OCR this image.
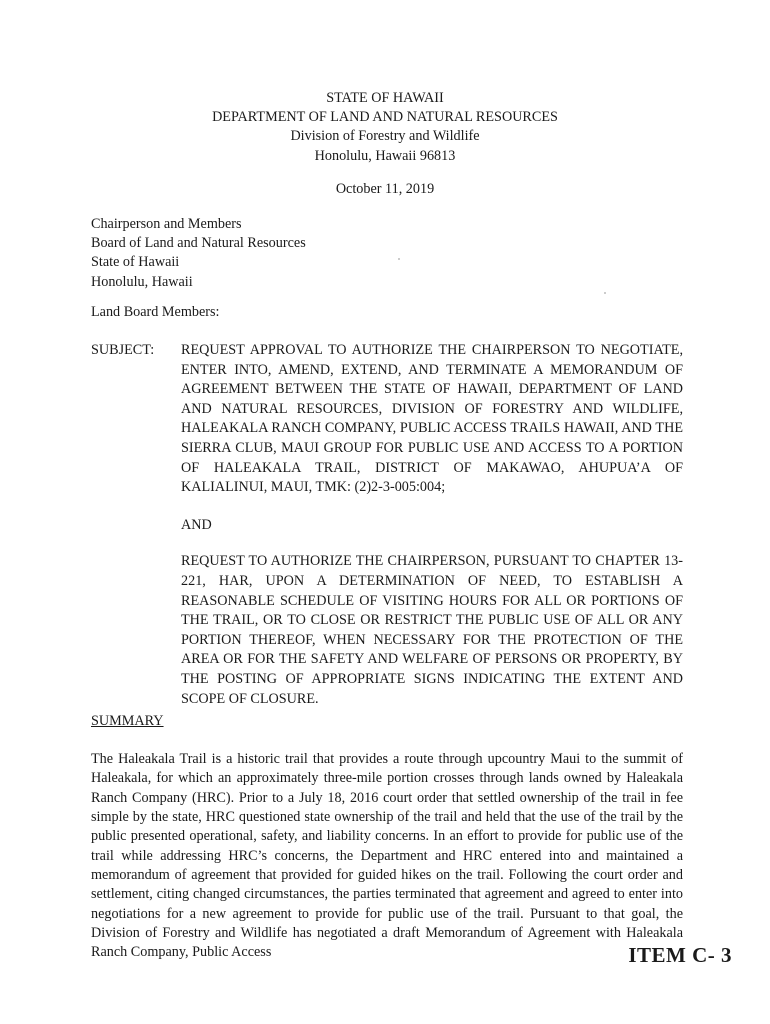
STATE OF HAWAII
DEPARTMENT OF LAND AND NATURAL RESOURCES
Division of Forestry and Wildlife
Honolulu, Hawaii 96813
October 11, 2019
Chairperson and Members
Board of Land and Natural Resources
State of Hawaii
Honolulu, Hawaii
Land Board Members:
SUBJECT: REQUEST APPROVAL TO AUTHORIZE THE CHAIRPERSON TO NEGOTIATE, ENTER INTO, AMEND, EXTEND, AND TERMINATE A MEMORANDUM OF AGREEMENT BETWEEN THE STATE OF HAWAII, DEPARTMENT OF LAND AND NATURAL RESOURCES, DIVISION OF FORESTRY AND WILDLIFE, HALEAKALA RANCH COMPANY, PUBLIC ACCESS TRAILS HAWAII, AND THE SIERRA CLUB, MAUI GROUP FOR PUBLIC USE AND ACCESS TO A PORTION OF HALEAKALA TRAIL, DISTRICT OF MAKAWAO, AHUPUA’A OF KALIALINUI, MAUI, TMK: (2)2-3-005:004;

AND

REQUEST TO AUTHORIZE THE CHAIRPERSON, PURSUANT TO CHAPTER 13-221, HAR, UPON A DETERMINATION OF NEED, TO ESTABLISH A REASONABLE SCHEDULE OF VISITING HOURS FOR ALL OR PORTIONS OF THE TRAIL, OR TO CLOSE OR RESTRICT THE PUBLIC USE OF ALL OR ANY PORTION THEREOF, WHEN NECESSARY FOR THE PROTECTION OF THE AREA OR FOR THE SAFETY AND WELFARE OF PERSONS OR PROPERTY, BY THE POSTING OF APPROPRIATE SIGNS INDICATING THE EXTENT AND SCOPE OF CLOSURE.

SUMMARY

The Haleakala Trail is a historic trail that provides a route through upcountry Maui to the summit of Haleakala, for which an approximately three-mile portion crosses through lands owned by Haleakala Ranch Company (HRC). Prior to a July 18, 2016 court order that settled ownership of the trail in fee simple by the state, HRC questioned state ownership of the trail and held that the use of the trail by the public presented operational, safety, and liability concerns. In an effort to provide for public use of the trail while addressing HRC’s concerns, the Department and HRC entered into and maintained a memorandum of agreement that provided for guided hikes on the trail. Following the court order and settlement, citing changed circumstances, the parties terminated that agreement and agreed to enter into negotiations for a new agreement to provide for public use of the trail. Pursuant to that goal, the Division of Forestry and Wildlife has negotiated a draft Memorandum of Agreement with Haleakala Ranch Company, Public Access	ITEM C- 3
